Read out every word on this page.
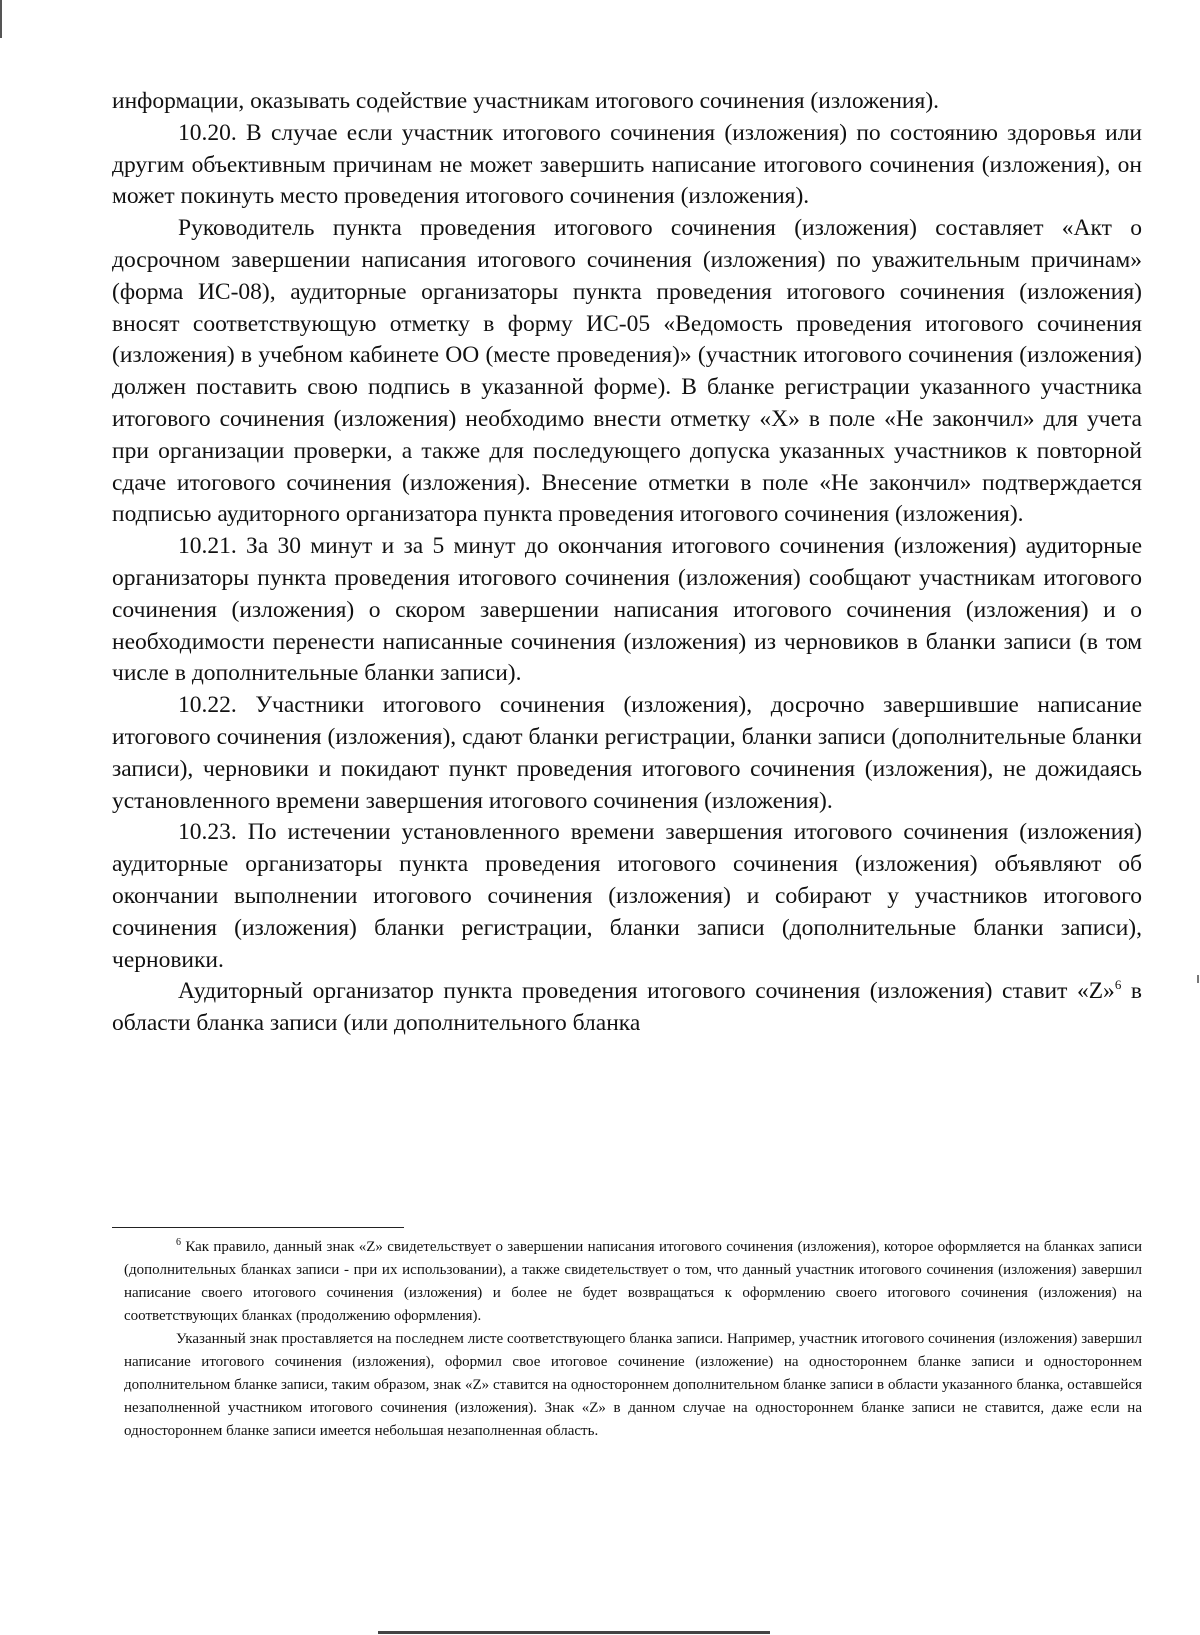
информации, оказывать содействие участникам итогового сочинения (изложения).

10.20. В случае если участник итогового сочинения (изложения) по состоянию здоровья или другим объективным причинам не может завершить написание итогового сочинения (изложения), он может покинуть место проведения итогового сочинения (изложения).

Руководитель пункта проведения итогового сочинения (изложения) составляет «Акт о досрочном завершении написания итогового сочинения (изложения) по уважительным причинам» (форма ИС-08), аудиторные организаторы пункта проведения итогового сочинения (изложения) вносят соответствующую отметку в форму ИС-05 «Ведомость проведения итогового сочинения (изложения) в учебном кабинете ОО (месте проведения)» (участник итогового сочинения (изложения) должен поставить свою подпись в указанной форме). В бланке регистрации указанного участника итогового сочинения (изложения) необходимо внести отметку «Х» в поле «Не закончил» для учета при организации проверки, а также для последующего допуска указанных участников к повторной сдаче итогового сочинения (изложения). Внесение отметки в поле «Не закончил» подтверждается подписью аудиторного организатора пункта проведения итогового сочинения (изложения).

10.21. За 30 минут и за 5 минут до окончания итогового сочинения (изложения) аудиторные организаторы пункта проведения итогового сочинения (изложения) сообщают участникам итогового сочинения (изложения) о скором завершении написания итогового сочинения (изложения) и о необходимости перенести написанные сочинения (изложения) из черновиков в бланки записи (в том числе в дополнительные бланки записи).

10.22. Участники итогового сочинения (изложения), досрочно завершившие написание итогового сочинения (изложения), сдают бланки регистрации, бланки записи (дополнительные бланки записи), черновики и покидают пункт проведения итогового сочинения (изложения), не дожидаясь установленного времени завершения итогового сочинения (изложения).

10.23. По истечении установленного времени завершения итогового сочинения (изложения) аудиторные организаторы пункта проведения итогового сочинения (изложения) объявляют об окончании выполнении итогового сочинения (изложения) и собирают у участников итогового сочинения (изложения) бланки регистрации, бланки записи (дополнительные бланки записи), черновики.

Аудиторный организатор пункта проведения итогового сочинения (изложения) ставит «Z»$^6$ в области бланка записи (или дополнительного бланка

$^6$ Как правило, данный знак «Z» свидетельствует о завершении написания итогового сочинения (изложения), которое оформляется на бланках записи (дополнительных бланках записи - при их использовании), а также свидетельствует о том, что данный участник итогового сочинения (изложения) завершил написание своего итогового сочинения (изложения) и более не будет возвращаться к оформлению своего итогового сочинения (изложения) на соответствующих бланках (продолжению оформления).

Указанный знак проставляется на последнем листе соответствующего бланка записи. Например, участник итогового сочинения (изложения) завершил написание итогового сочинения (изложения), оформил свое итоговое сочинение (изложение) на одностороннем бланке записи и одностороннем дополнительном бланке записи, таким образом, знак «Z» ставится на одностороннем дополнительном бланке записи в области указанного бланка, оставшейся незаполненной участником итогового сочинения (изложения). Знак «Z» в данном случае на одностороннем бланке записи не ставится, даже если на одностороннем бланке записи имеется небольшая незаполненная область.
